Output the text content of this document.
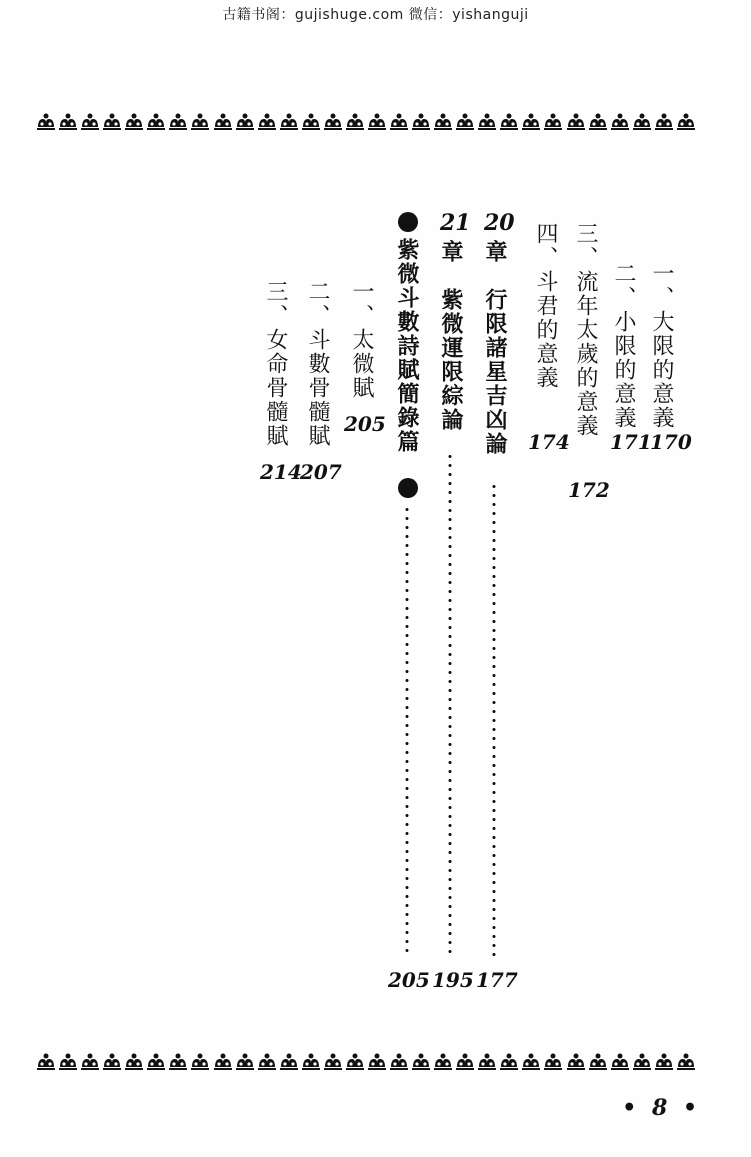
古籍书阁：gujishuge.com 微信：yishanguji
一、大限的意義
170
二、小限的意義
171
三、流年太歲的意義
172
四、斗君的意義
174
20
章　行限諸星吉凶論
177
21
章　紫微運限綜論
195
紫微斗數詩賦簡錄篇
205
一、太微賦
205
二、斗數骨髓賦
207
三、女命骨髓賦
214
• 8 •
